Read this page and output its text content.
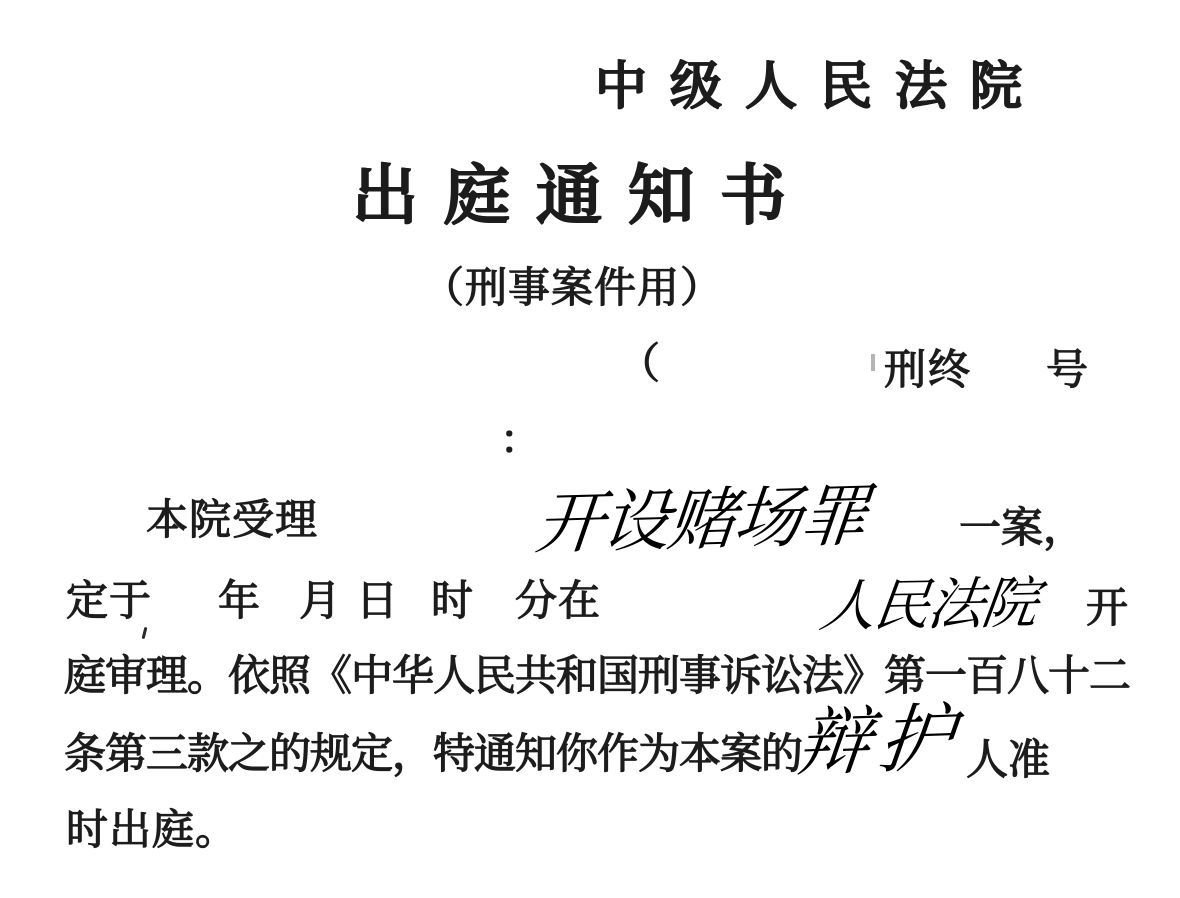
中级人民法院
出庭通知书
（刑事案件用）
（	刑终 号
：
本院受理	开设赌场罪 一案，
定于 年 月 日 时 分在	人民法院 开
庭审理。依照《中华人民共和国刑事诉讼法》第一百八十二
条第三款之的规定，特通知你作为本案的
辩护 人准
时出庭。
